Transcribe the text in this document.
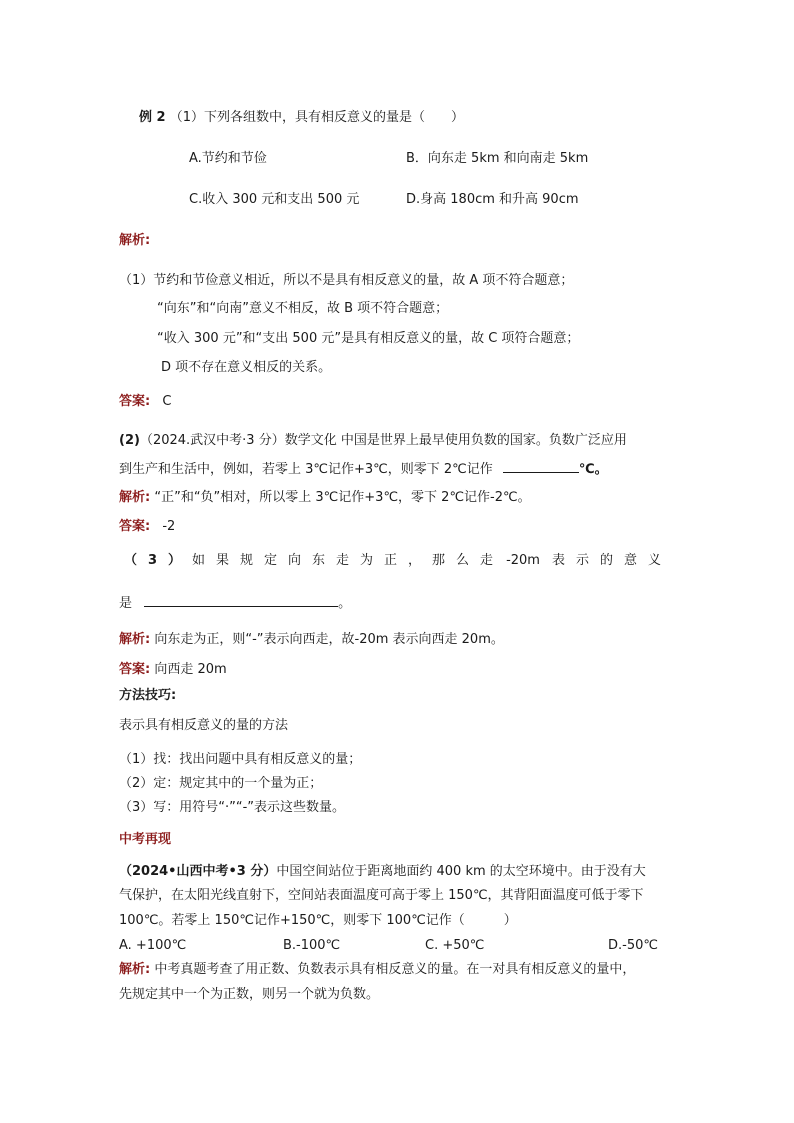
例 2 （1）下列各组数中，具有相反意义的量是（　　）
A.节约和节俭	B．向东走 5km 和向南走 5km
C.收入 300 元和支出 500 元	D.身高 180cm 和升高 90cm
解析:
（1）节约和节俭意义相近，所以不是具有相反意义的量，故 A 项不符合题意；
“向东”和“向南”意义不相反，故 B 项不符合题意；
“收入 300 元”和“支出 500 元”是具有相反意义的量，故 C 项符合题意；
D 项不存在意义相反的关系。
答案: C
(2)（2024.武汉中考·3 分）数学文化 中国是世界上最早使用负数的国家。负数广泛应用
到生产和生活中，例如，若零上 3℃记作+3℃，则零下 2℃记作	℃。
解析: “正”和“负”相对，所以零上 3℃记作+3℃，零下 2℃记作-2℃。
答案: -2
（3）如果规定向东走为正，那么走 -20m 表示的意义
是	。
解析: 向东走为正，则“-”表示向西走，故-20m 表示向西走 20m。
答案: 向西走 20m
方法技巧:
表示具有相反意义的量的方法
（1）找：找出问题中具有相反意义的量；
（2）定：规定其中的一个量为正；
（3）写：用符号“·”“-”表示这些数量。
中考再现
（2024•山西中考•3 分）中国空间站位于距离地面约 400 km 的太空环境中。由于没有大
气保护，在太阳光线直射下，空间站表面温度可高于零上 150℃，其背阳面温度可低于零下
100℃。若零上 150℃记作+150℃，则零下 100℃记作（　　　）
A. +100℃	B.-100℃	C. +50℃	D.-50℃
解析: 中考真题考查了用正数、负数表示具有相反意义的量。在一对具有相反意义的量中，
先规定其中一个为正数，则另一个就为负数。
